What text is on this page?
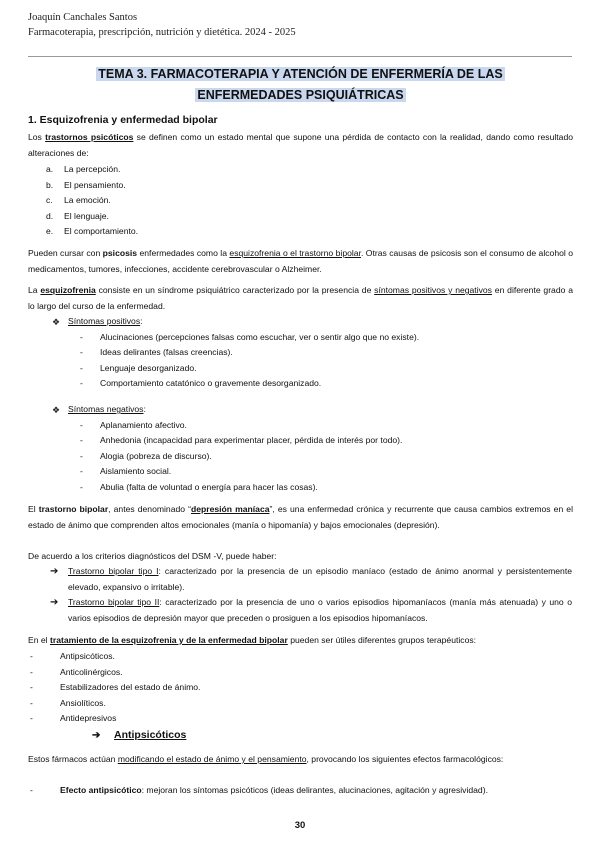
Joaquín Canchales Santos
Farmacoterapia, prescripción, nutrición y dietética. 2024 - 2025
TEMA 3. FARMACOTERAPIA Y ATENCIÓN DE ENFERMERÍA DE LAS
ENFERMEDADES PSIQUIÁTRICAS
1. Esquizofrenia y enfermedad bipolar
Los trastornos psicóticos se definen como un estado mental que supone una pérdida de contacto con la realidad, dando como resultado alteraciones de:
a.	La percepción.
b.	El pensamiento.
c.	La emoción.
d.	El lenguaje.
e.	El comportamiento.
Pueden cursar con psicosis enfermedades como la esquizofrenia o el trastorno bipolar. Otras causas de psicosis son el consumo de alcohol o medicamentos, tumores, infecciones, accidente cerebrovascular o Alzheimer.
La esquizofrenia consiste en un síndrome psiquiátrico caracterizado por la presencia de síntomas positivos y negativos en diferente grado a lo largo del curso de la enfermedad.
❖ Síntomas positivos :
-	Alucinaciones (percepciones falsas como escuchar, ver o sentir algo que no existe).
-	Ideas delirantes (falsas creencias).
-	Lenguaje desorganizado.
-	Comportamiento catatónico o gravemente desorganizado.
❖ Síntomas negativos :
-	Aplanamiento afectivo.
-	Anhedonia (incapacidad para experimentar placer, pérdida de interés por todo).
-	Alogia (pobreza de discurso).
-	Aislamiento social.
-	Abulia (falta de voluntad o energía para hacer las cosas).
El trastorno bipolar, antes denominado “depresión maníaca”, es una enfermedad crónica y recurrente que causa cambios extremos en el estado de ánimo que comprenden altos emocionales (manía o hipomanía) y bajos emocionales (depresión).
De acuerdo a los criterios diagnósticos del DSM -V, puede haber:
➔	Trastorno bipolar tipo I: caracterizado por la presencia de un episodio maníaco (estado de ánimo anormal y persistentemente elevado, expansivo o irritable).
➔	Trastorno bipolar tipo II: caracterizado por la presencia de uno o varios episodios hipomaníacos (manía más atenuada) y uno o varios episodios de depresión mayor que preceden o prosiguen a los episodios hipomaníacos.
En el tratamiento de la esquizofrenia y de la enfermedad bipolar pueden ser útiles diferentes grupos terapéuticos:
-	Antipsicóticos.
-	Anticolinérgicos.
-	Estabilizadores del estado de ánimo.
-	Ansiolíticos.
-	Antidepresivos
➔ Antipsicóticos
Estos fármacos actúan modificando el estado de ánimo y el pensamiento, provocando los siguientes efectos farmacológicos:
-	Efecto antipsicótico: mejoran los síntomas psicóticos (ideas delirantes, alucinaciones, agitación y agresividad).
30
